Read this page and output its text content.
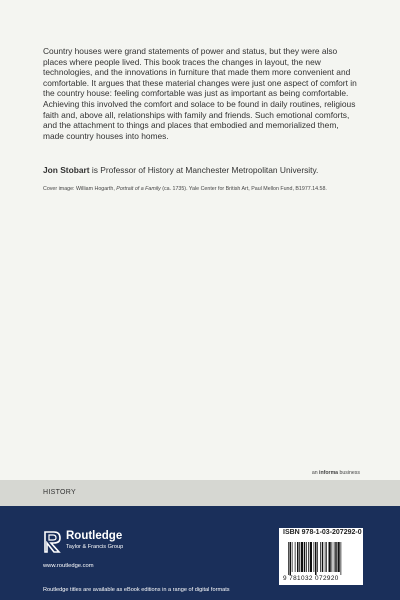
Country houses were grand statements of power and status, but they were also places where people lived. This book traces the changes in layout, the new technologies, and the innovations in furniture that made them more convenient and comfortable. It argues that these material changes were just one aspect of comfort in the country house: feeling comfortable was just as important as being comfortable. Achieving this involved the comfort and solace to be found in daily routines, religious faith and, above all, relationships with family and friends. Such emotional comforts, and the attachment to things and places that embodied and memorialized them, made country houses into homes.

Jon Stobart is Professor of History at Manchester Metropolitan University.

Cover image: William Hogarth, Portrait of a Family (ca. 1735). Yale Center for British Art, Paul Mellon Fund, B1977.14.58.

an informa business
HISTORY
Routledge
Taylor & Francis Group
www.routledge.com
Routledge titles are available as eBook editions in a range of digital formats
ISBN 978-1-03-207292-0
9 781032 072920
